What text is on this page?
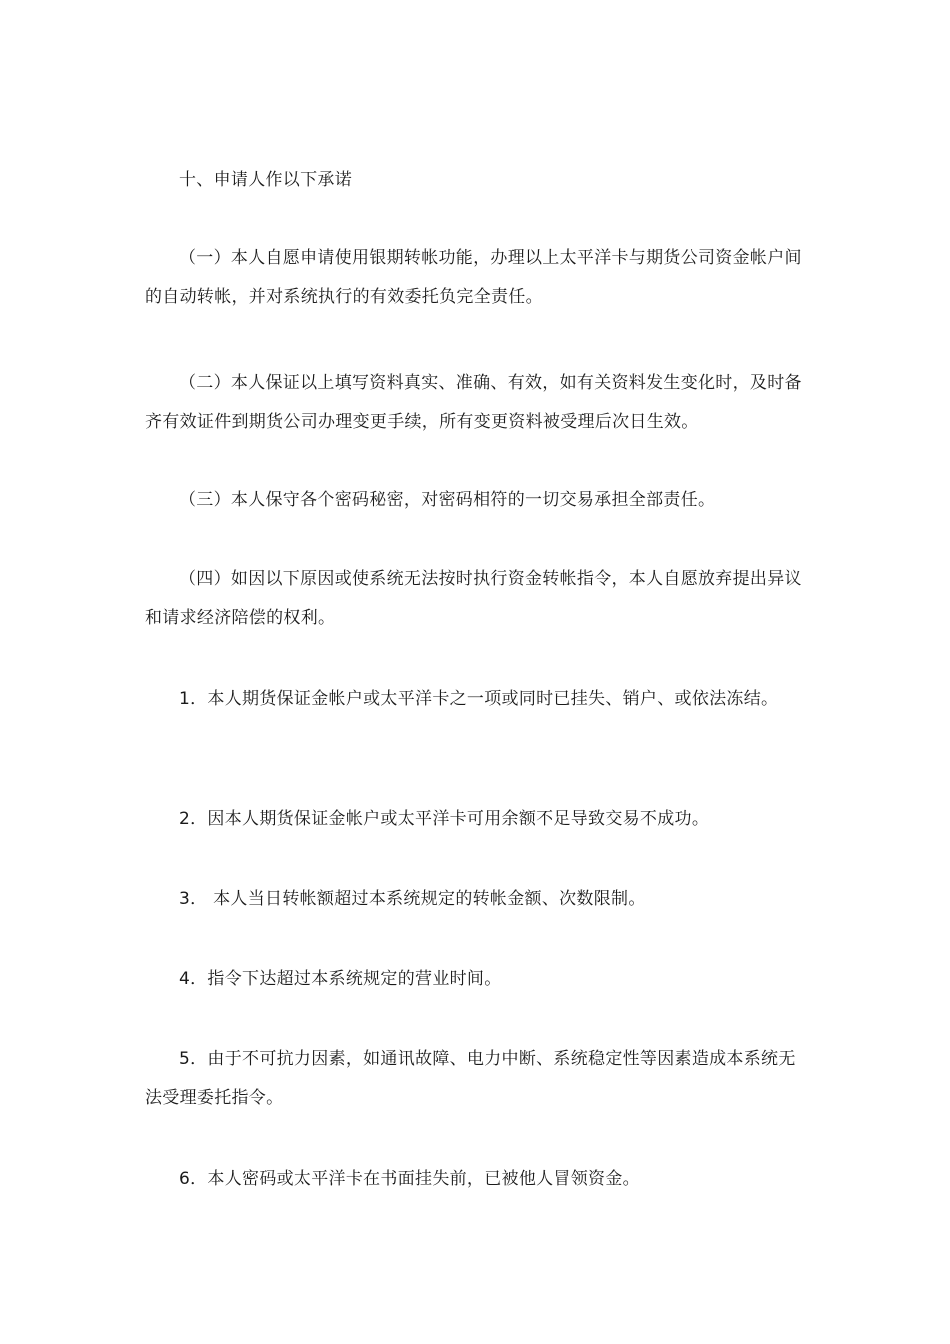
十、申请人作以下承诺

（一）本人自愿申请使用银期转帐功能，办理以上太平洋卡与期货公司资金帐户间的自动转帐，并对系统执行的有效委托负完全责任。

（二）本人保证以上填写资料真实、准确、有效，如有关资料发生变化时，及时备齐有效证件到期货公司办理变更手续，所有变更资料被受理后次日生效。

（三）本人保守各个密码秘密，对密码相符的一切交易承担全部责任。

（四）如因以下原因或使系统无法按时执行资金转帐指令，本人自愿放弃提出异议和请求经济陪偿的权利。

1．本人期货保证金帐户或太平洋卡之一项或同时已挂失、销户、或依法冻结。

2．因本人期货保证金帐户或太平洋卡可用余额不足导致交易不成功。

3． 本人当日转帐额超过本系统规定的转帐金额、次数限制。

4．指令下达超过本系统规定的营业时间。

5．由于不可抗力因素，如通讯故障、电力中断、系统稳定性等因素造成本系统无法受理委托指令。

6．本人密码或太平洋卡在书面挂失前，已被他人冒领资金。
